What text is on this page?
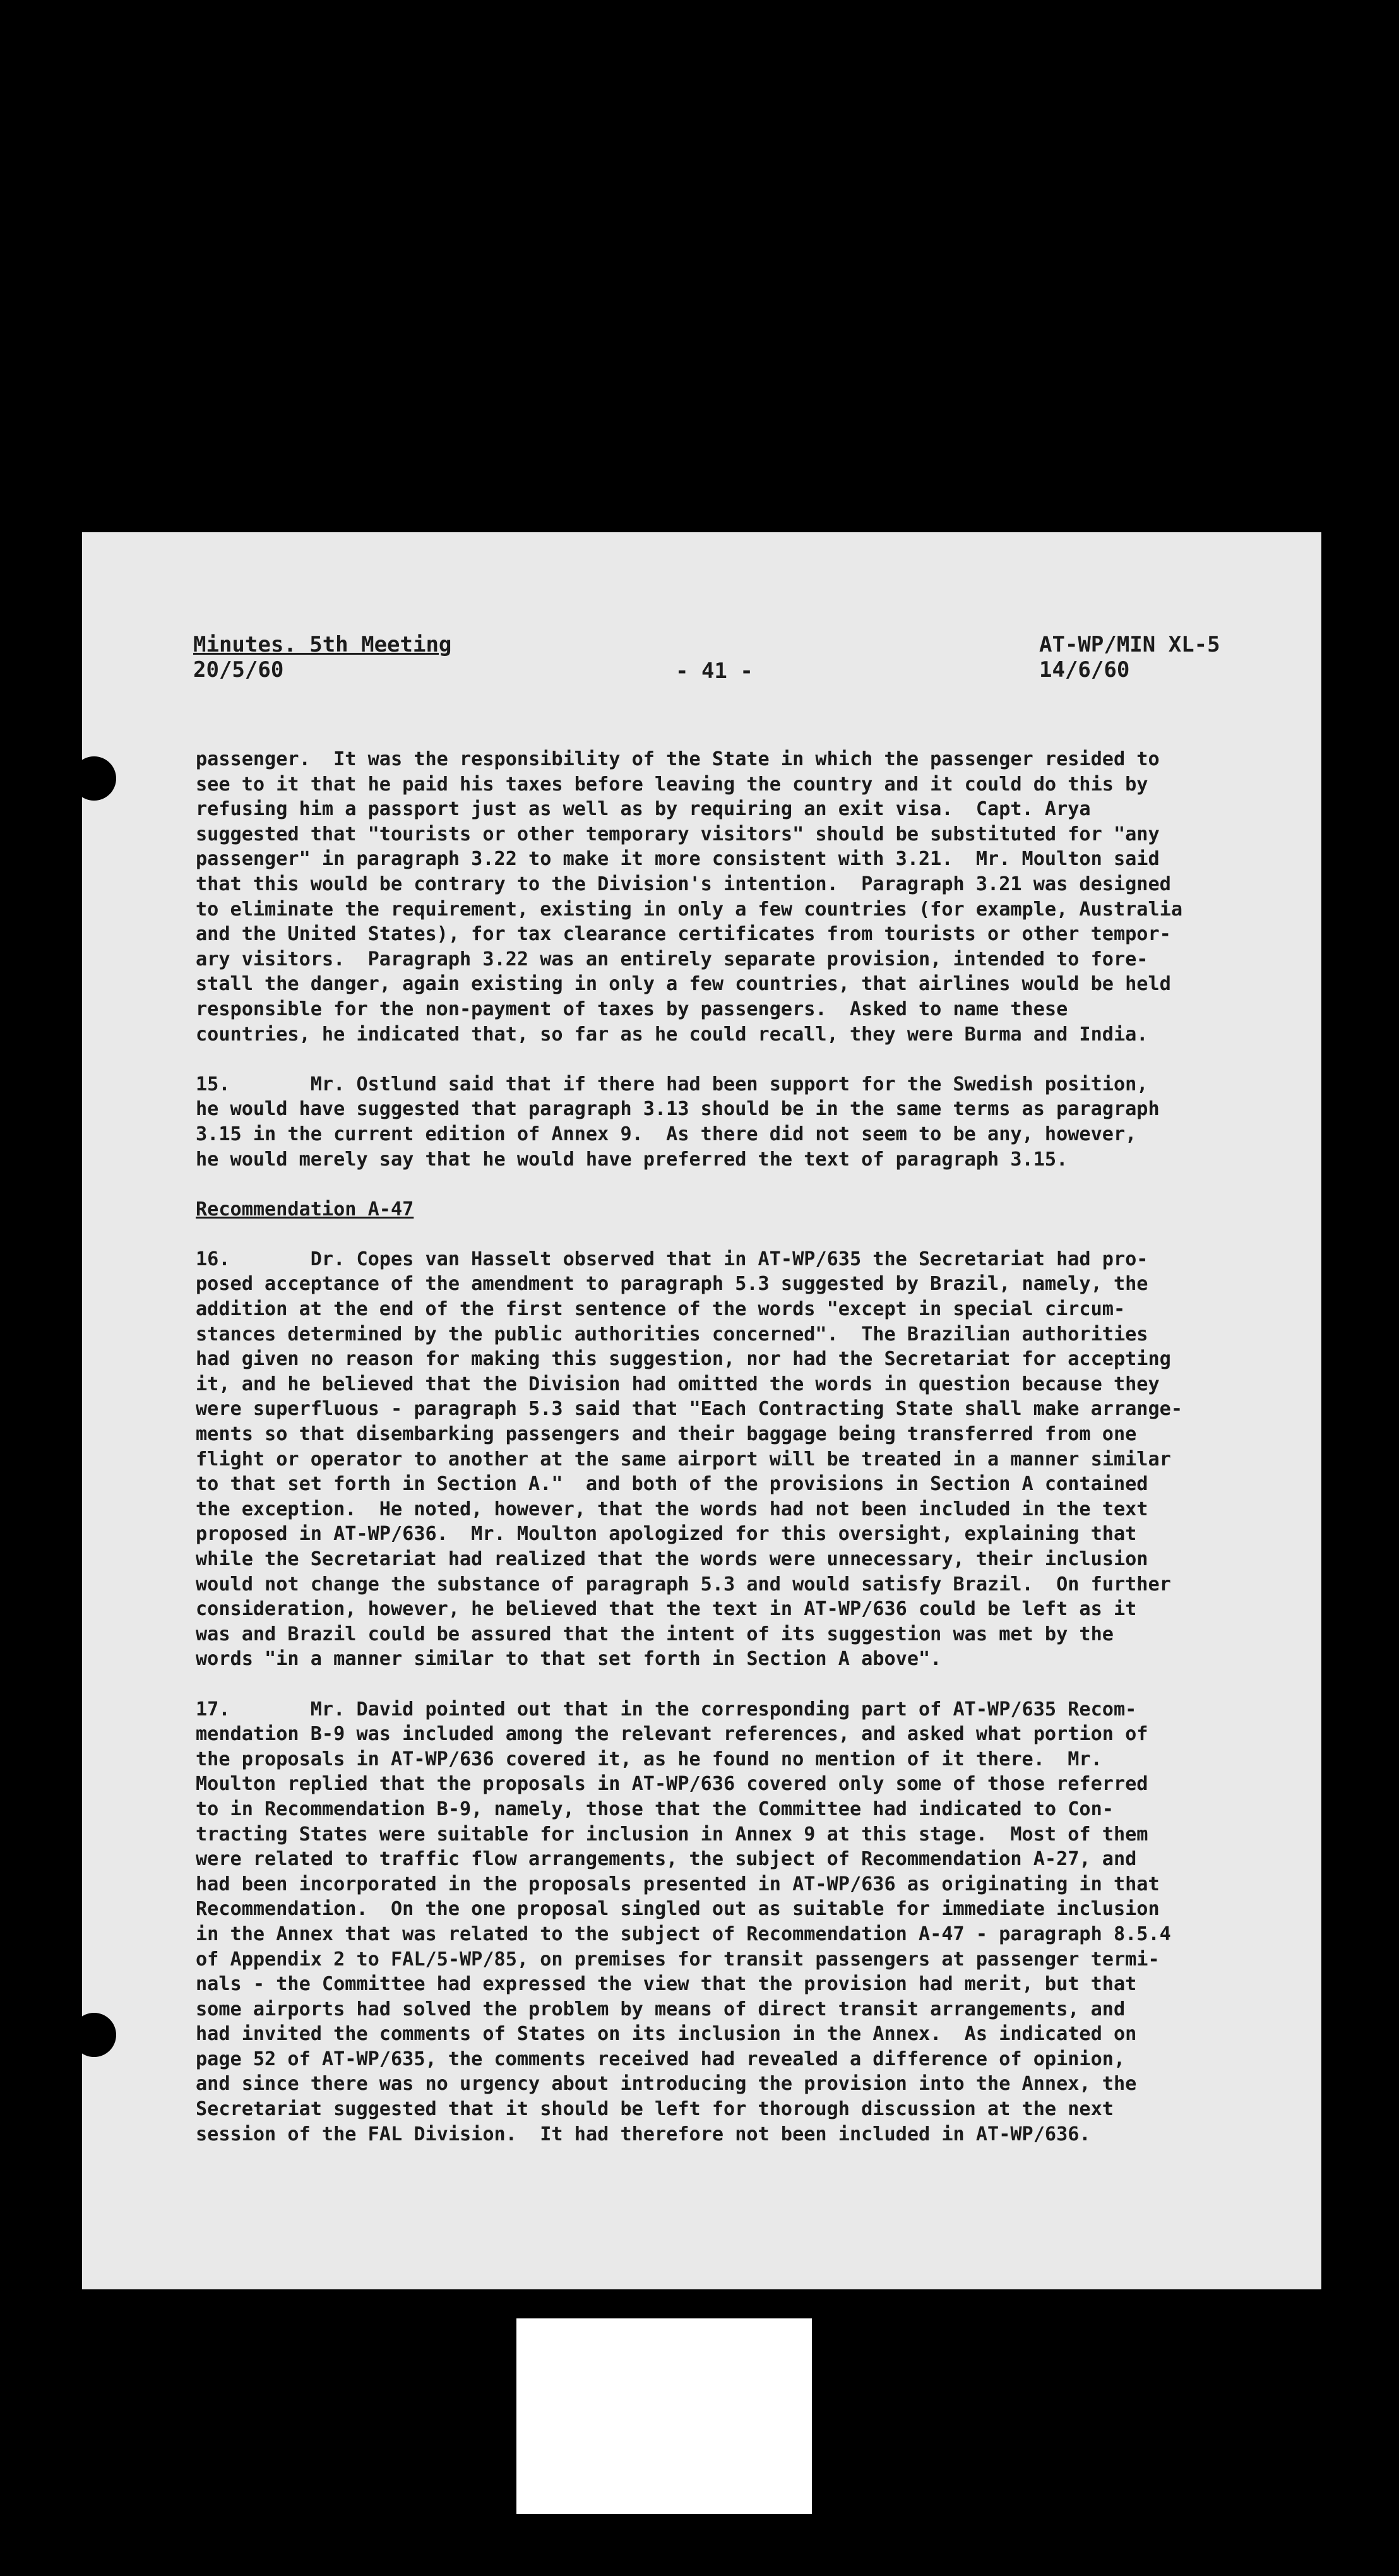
Minutes. 5th Meeting
20/5/60	- 41 -
AT-WP/MIN XL-5
14/6/60
passenger.  It was the responsibility of the State in which the passenger resided to
see to it that he paid his taxes before leaving the country and it could do this by
refusing him a passport just as well as by requiring an exit visa.  Capt. Arya
suggested that "tourists or other temporary visitors" should be substituted for "any
passenger" in paragraph 3.22 to make it more consistent with 3.21.  Mr. Moulton said
that this would be contrary to the Division's intention.  Paragraph 3.21 was designed
to eliminate the requirement, existing in only a few countries (for example, Australia
and the United States), for tax clearance certificates from tourists or other tempor-
ary visitors.  Paragraph 3.22 was an entirely separate provision, intended to fore-
stall the danger, again existing in only a few countries, that airlines would be held
responsible for the non-payment of taxes by passengers.  Asked to name these
countries, he indicated that, so far as he could recall, they were Burma and India.
15.       Mr. Ostlund said that if there had been support for the Swedish position,
he would have suggested that paragraph 3.13 should be in the same terms as paragraph
3.15 in the current edition of Annex 9.  As there did not seem to be any, however,
he would merely say that he would have preferred the text of paragraph 3.15.
Recommendation A-47
16.       Dr. Copes van Hasselt observed that in AT-WP/635 the Secretariat had pro-
posed acceptance of the amendment to paragraph 5.3 suggested by Brazil, namely, the
addition at the end of the first sentence of the words "except in special circum-
stances determined by the public authorities concerned".  The Brazilian authorities
had given no reason for making this suggestion, nor had the Secretariat for accepting
it, and he believed that the Division had omitted the words in question because they
were superfluous - paragraph 5.3 said that "Each Contracting State shall make arrange-
ments so that disembarking passengers and their baggage being transferred from one
flight or operator to another at the same airport will be treated in a manner similar
to that set forth in Section A."  and both of the provisions in Section A contained
the exception.  He noted, however, that the words had not been included in the text
proposed in AT-WP/636.  Mr. Moulton apologized for this oversight, explaining that
while the Secretariat had realized that the words were unnecessary, their inclusion
would not change the substance of paragraph 5.3 and would satisfy Brazil.  On further
consideration, however, he believed that the text in AT-WP/636 could be left as it
was and Brazil could be assured that the intent of its suggestion was met by the
words "in a manner similar to that set forth in Section A above".
17.       Mr. David pointed out that in the corresponding part of AT-WP/635 Recom-
mendation B-9 was included among the relevant references, and asked what portion of
the proposals in AT-WP/636 covered it, as he found no mention of it there.  Mr.
Moulton replied that the proposals in AT-WP/636 covered only some of those referred
to in Recommendation B-9, namely, those that the Committee had indicated to Con-
tracting States were suitable for inclusion in Annex 9 at this stage.  Most of them
were related to traffic flow arrangements, the subject of Recommendation A-27, and
had been incorporated in the proposals presented in AT-WP/636 as originating in that
Recommendation.  On the one proposal singled out as suitable for immediate inclusion
in the Annex that was related to the subject of Recommendation A-47 - paragraph 8.5.4
of Appendix 2 to FAL/5-WP/85, on premises for transit passengers at passenger termi-
nals - the Committee had expressed the view that the provision had merit, but that
some airports had solved the problem by means of direct transit arrangements, and
had invited the comments of States on its inclusion in the Annex.  As indicated on
page 52 of AT-WP/635, the comments received had revealed a difference of opinion,
and since there was no urgency about introducing the provision into the Annex, the
Secretariat suggested that it should be left for thorough discussion at the next
session of the FAL Division.  It had therefore not been included in AT-WP/636.
